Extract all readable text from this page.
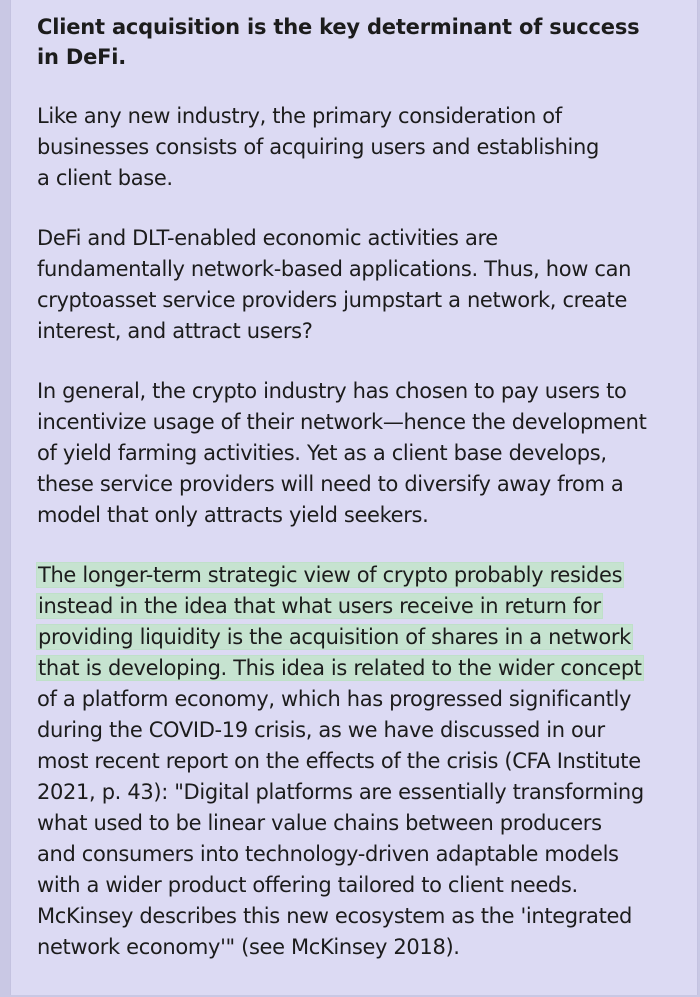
Client acquisition is the key determinant of success
in DeFi.

Like any new industry, the primary consideration of
businesses consists of acquiring users and establishing
a client base.

DeFi and DLT-enabled economic activities are
fundamentally network-based applications. Thus, how can
cryptoasset service providers jumpstart a network, create
interest, and attract users?

In general, the crypto industry has chosen to pay users to
incentivize usage of their network—hence the development
of yield farming activities. Yet as a client base develops,
these service providers will need to diversify away from a
model that only attracts yield seekers.

The longer-term strategic view of crypto probably resides
instead in the idea that what users receive in return for
providing liquidity is the acquisition of shares in a network
that is developing. This idea is related to the wider concept
of a platform economy, which has progressed significantly
during the COVID-19 crisis, as we have discussed in our
most recent report on the effects of the crisis (CFA Institute
2021, p. 43): "Digital platforms are essentially transforming
what used to be linear value chains between producers
and consumers into technology-driven adaptable models
with a wider product offering tailored to client needs.
McKinsey describes this new ecosystem as the 'integrated
network economy'" (see McKinsey 2018).
